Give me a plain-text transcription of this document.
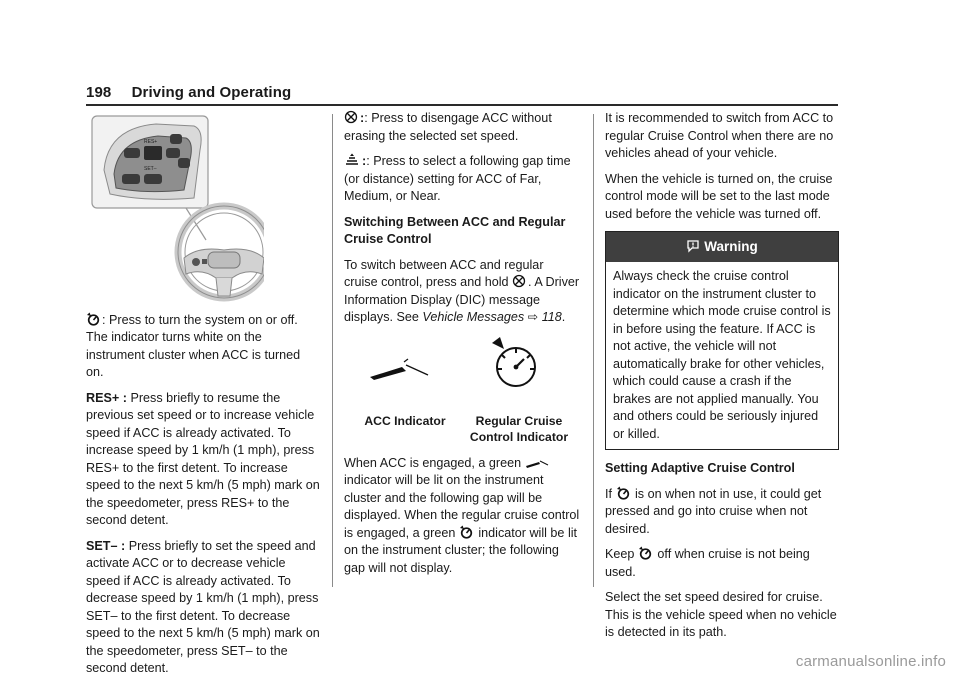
198 Driving and Operating
RES+
SET–

: Press to turn the system on or off. The indicator turns white on the instrument cluster when ACC is turned on.

RES+ : Press briefly to resume the previous set speed or to increase vehicle speed if ACC is already activated. To increase speed by 1 km/h (1 mph), press RES+ to the first detent. To increase speed to the next 5 km/h (5 mph) mark on the speedometer, press RES+ to the second detent.

SET– : Press briefly to set the speed and activate ACC or to decrease vehicle speed if ACC is already activated. To decrease speed by 1 km/h (1 mph), press SET– to the first detent. To decrease speed to the next 5 km/h (5 mph) mark on the speedometer, press SET– to the second detent.

:: Press to disengage ACC without erasing the selected set speed.

:: Press to select a following gap time (or distance) setting for ACC of Far, Medium, or Near.

Switching Between ACC and Regular Cruise Control

To switch between ACC and regular cruise control, press and hold . A Driver Information Display (DIC) message displays. See Vehicle Messages ⇨ 118.

ACC Indicator	Regular Cruise Control Indicator

When ACC is engaged, a green  indicator will be lit on the instrument cluster and the following gap will be displayed. When the regular cruise control is engaged, a green  indicator will be lit on the instrument cluster; the following gap will not display.

It is recommended to switch from ACC to regular Cruise Control when there are no vehicles ahead of your vehicle.

When the vehicle is turned on, the cruise control mode will be set to the last mode used before the vehicle was turned off.

Warning
Always check the cruise control indicator on the instrument cluster to determine which mode cruise control is in before using the feature. If ACC is not active, the vehicle will not automatically brake for other vehicles, which could cause a crash if the brakes are not applied manually. You and others could be seriously injured or killed.

Setting Adaptive Cruise Control

If  is on when not in use, it could get pressed and go into cruise when not desired.

Keep  off when cruise is not being used.

Select the set speed desired for cruise. This is the vehicle speed when no vehicle is detected in its path.

carmanualsonline.info
